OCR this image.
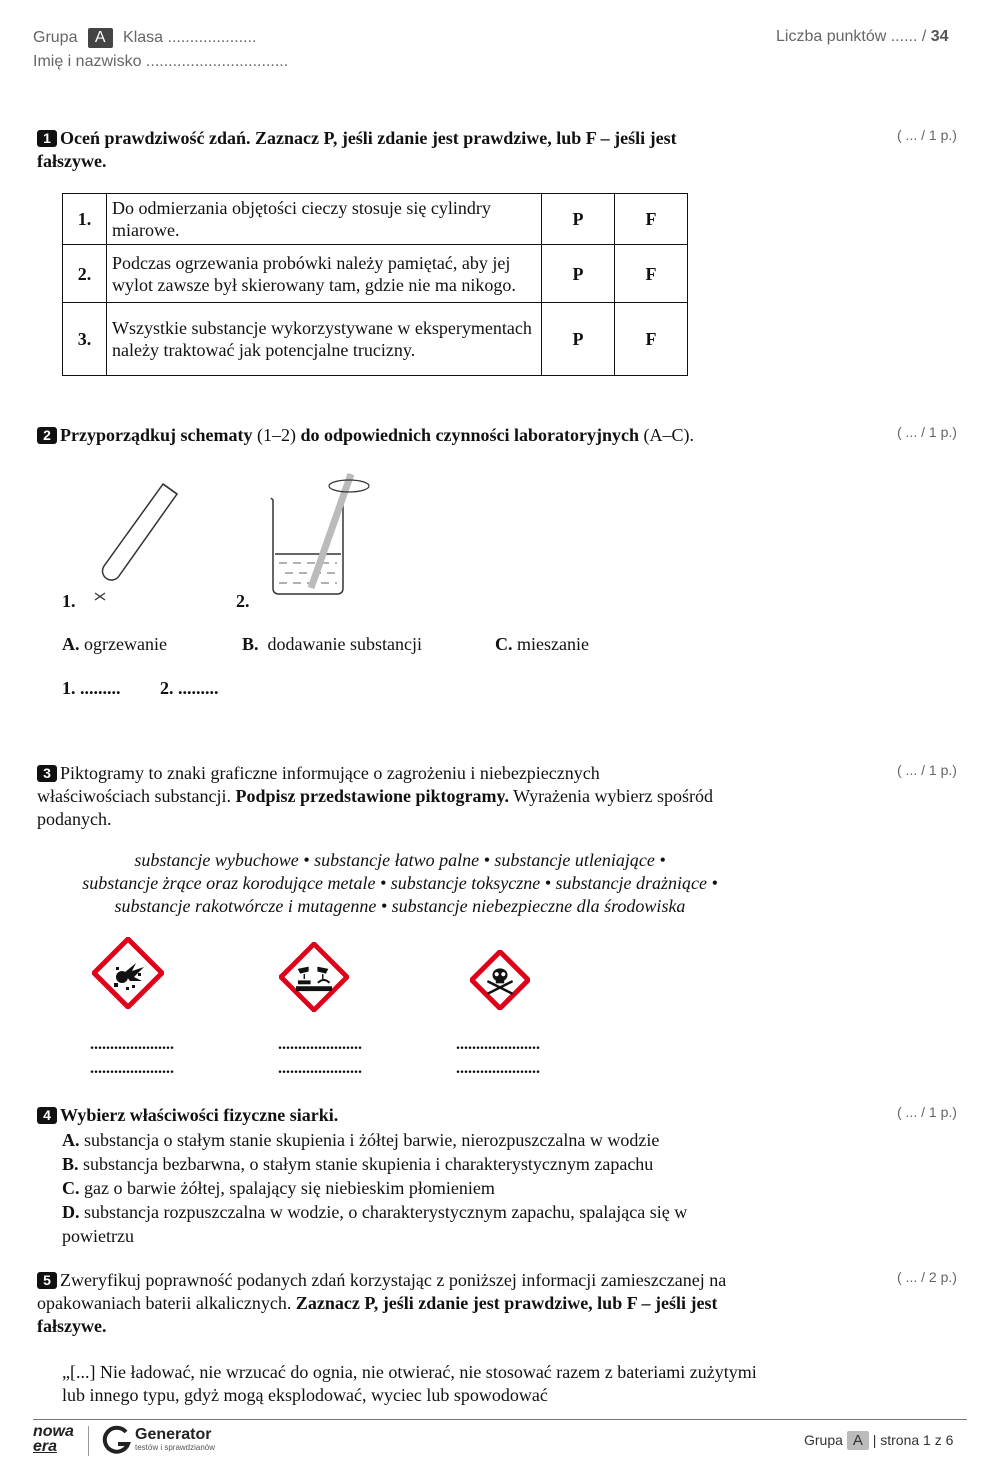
Grupa A Klasa ....................
Imię i nazwisko ................................
Liczba punktów ...... / 34
1 Oceń prawdziwość zdań. Zaznacz P, jeśli zdanie jest prawdziwe, lub F – jeśli jest fałszywe.
( ... / 1 p.)
1.	Do odmierzania objętości cieczy stosuje się cylindry miarowe.	P	F
2.	Podczas ogrzewania probówki należy pamiętać, aby jej wylot zawsze był skierowany tam, gdzie nie ma nikogo.	P	F
3.	Wszystkie substancje wykorzystywane w eksperymentach należy traktować jak potencjalne trucizny.	P	F
2 Przyporządkuj schematy (1–2) do odpowiednich czynności laboratoryjnych (A–C).	( ... / 1 p.)
1.	2.
A. ogrzewanie	B. dodawanie substancji	C. mieszanie
1. ......... 2. .........
3 Piktogramy to znaki graficzne informujące o zagrożeniu i niebezpiecznych właściwościach substancji. Podpisz przedstawione piktogramy. Wyrażenia wybierz spośród podanych.
( ... / 1 p.)
substancje wybuchowe • substancje łatwo palne • substancje utleniające •
substancje żrące oraz korodujące metale • substancje toksyczne • substancje drażniące •
substancje rakotwórcze i mutagenne • substancje niebezpieczne dla środowiska
.....................
.....................
.....................
.....................
.....................
.....................
4 Wybierz właściwości fizyczne siarki.	( ... / 1 p.)
A. substancja o stałym stanie skupienia i żółtej barwie, nierozpuszczalna w wodzie
B. substancja bezbarwna, o stałym stanie skupienia i charakterystycznym zapachu
C. gaz o barwie żółtej, spalający się niebieskim płomieniem
D. substancja rozpuszczalna w wodzie, o charakterystycznym zapachu, spalająca się w powietrzu
5 Zweryfikuj poprawność podanych zdań korzystając z poniższej informacji zamieszczanej na opakowaniach baterii alkalicznych. Zaznacz P, jeśli zdanie jest prawdziwe, lub F – jeśli jest fałszywe.
( ... / 2 p.)
„[...] Nie ładować, nie wrzucać do ognia, nie otwierać, nie stosować razem z bateriami zużytymi lub innego typu, gdyż mogą eksplodować, wyciec lub spowodować
nowa
era
Generator
testów i sprawdzianów	Grupa A | strona 1 z 6
